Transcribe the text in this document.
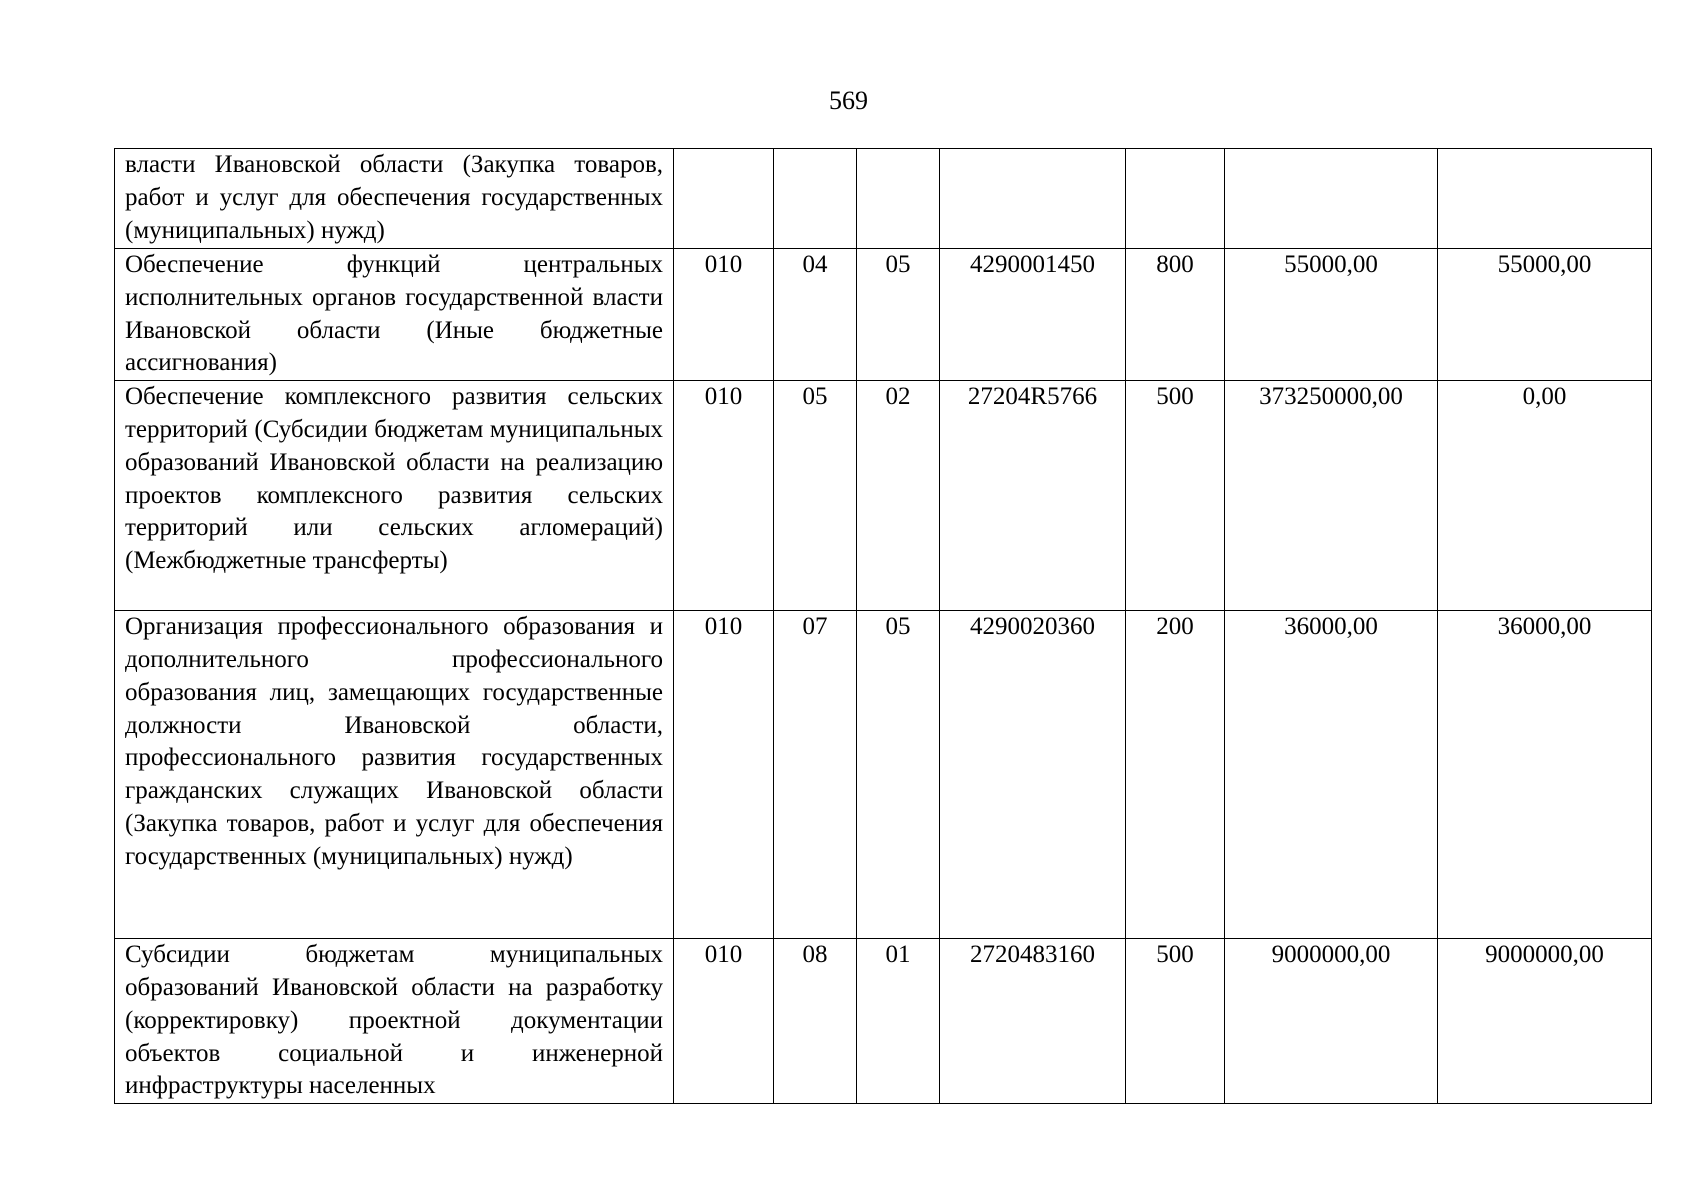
569
власти Ивановской области (Закупка товаров, работ и услуг для обеспечения государственных (муниципальных) нужд)							
Обеспечение функций центральных исполнительных органов государственной власти Ивановской области (Иные бюджетные ассигнования)	010	04	05	4290001450	800	55000,00	55000,00
Обеспечение комплексного развития сельских территорий (Субсидии бюджетам муниципальных образований Ивановской области на реализацию проектов комплексного развития сельских территорий или сельских агломераций) (Межбюджетные трансферты)	010	05	02	27204R5766	500	373250000,00	0,00
Организация профессионального образования и дополнительного профессионального образования лиц, замещающих государственные должности Ивановской области, профессионального развития государственных гражданских служащих Ивановской области (Закупка товаров, работ и услуг для обеспечения государственных (муниципальных) нужд)	010	07	05	4290020360	200	36000,00	36000,00
Субсидии бюджетам муниципальных образований Ивановской области на разработку (корректировку) проектной документации объектов социальной и инженерной инфраструктуры населенных	010	08	01	2720483160	500	9000000,00	9000000,00
